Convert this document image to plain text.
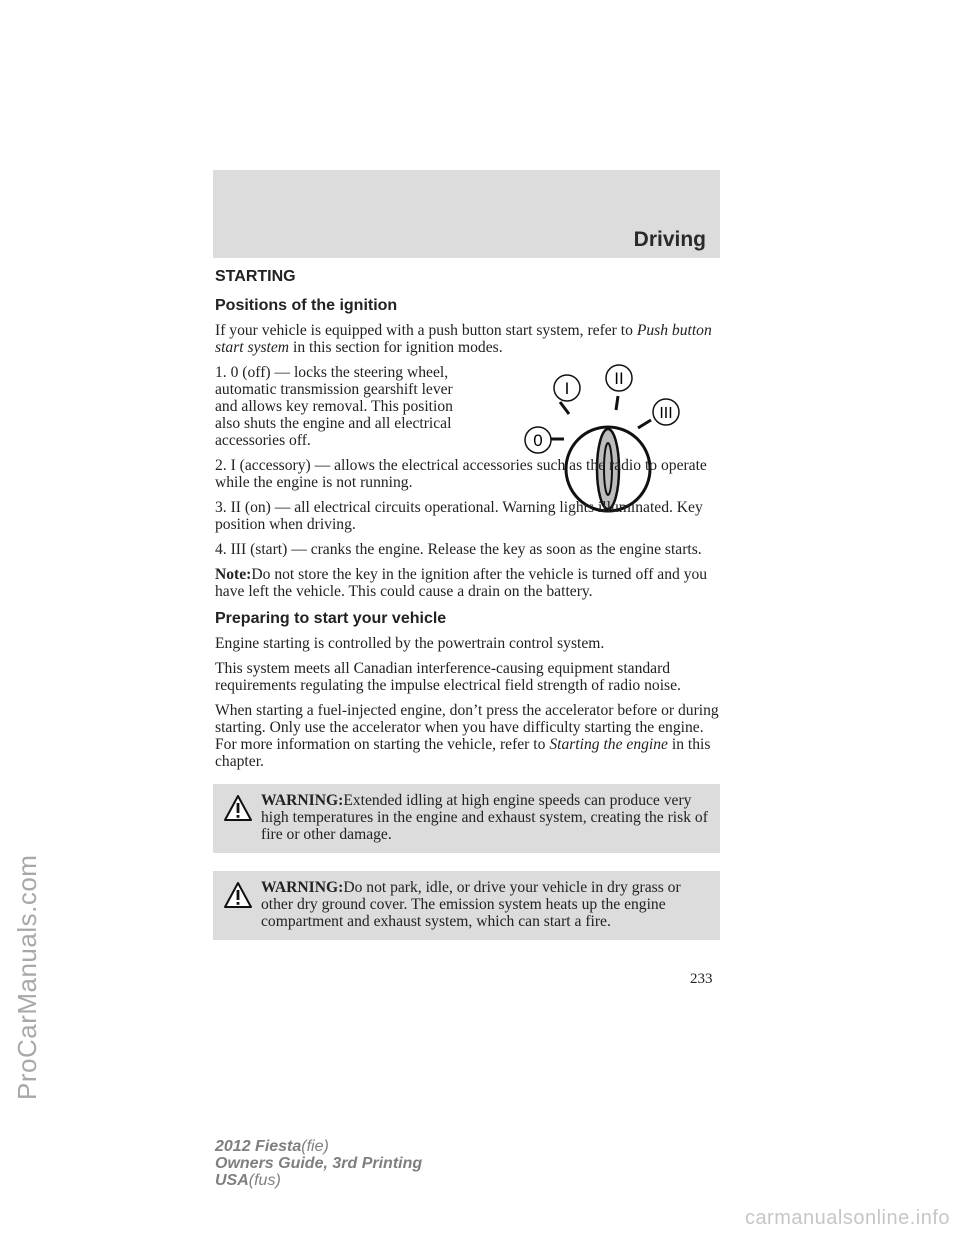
Driving
ProCarManuals.com
0
I
II
III
STARTING
Positions of the ignition

If your vehicle is equipped with a push button start system, refer to Push button start system in this section for ignition modes.

1. 0 (off) — locks the steering wheel, automatic transmission gearshift lever and allows key removal. This position also shuts the engine and all electrical accessories off.

2. I (accessory) — allows the electrical accessories such as the radio to operate while the engine is not running.

3. II (on) — all electrical circuits operational. Warning lights illuminated. Key position when driving.

4. III (start) — cranks the engine. Release the key as soon as the engine starts.

Note:Do not store the key in the ignition after the vehicle is turned off and you have left the vehicle. This could cause a drain on the battery.

Preparing to start your vehicle

Engine starting is controlled by the powertrain control system.

This system meets all Canadian interference-causing equipment standard requirements regulating the impulse electrical field strength of radio noise.

When starting a fuel-injected engine, don’t press the accelerator before or during starting. Only use the accelerator when you have difficulty starting the engine. For more information on starting the vehicle, refer to Starting the engine in this chapter.

WARNING:Extended idling at high engine speeds can produce very high temperatures in the engine and exhaust system, creating the risk of fire or other damage.
WARNING:Do not park, idle, or drive your vehicle in dry grass or other dry ground cover. The emission system heats up the engine compartment and exhaust system, which can start a fire.
233
2012 Fiesta(fie)
Owners Guide, 3rd Printing
USA(fus)
carmanualsonline.info
